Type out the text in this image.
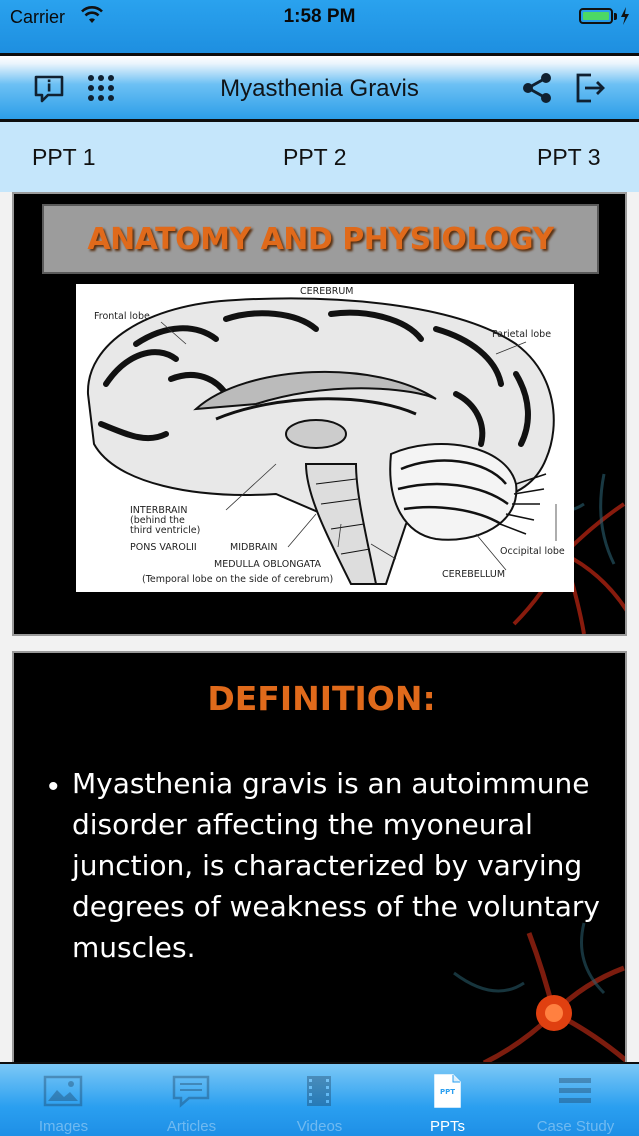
Carrier	1:58 PM
Myasthenia Gravis
PPT 1	PPT 2	PPT 3
ANATOMY AND PHYSIOLOGY
CEREBRUM
Frontal lobe
Parietal lobe
INTERBRAIN
(behind the
third ventricle)
PONS VAROLII	MIDBRAIN
MEDULLA OBLONGATA
(Temporal lobe on the side of cerebrum)	CEREBELLUM
Occipital lobe
DEFINITION:
• Myasthenia gravis is an autoimmune disorder affecting the myoneural junction, is characterized by varying degrees of weakness of the voluntary muscles.
Images	Articles	Videos
PPT
PPTs	Case Study
